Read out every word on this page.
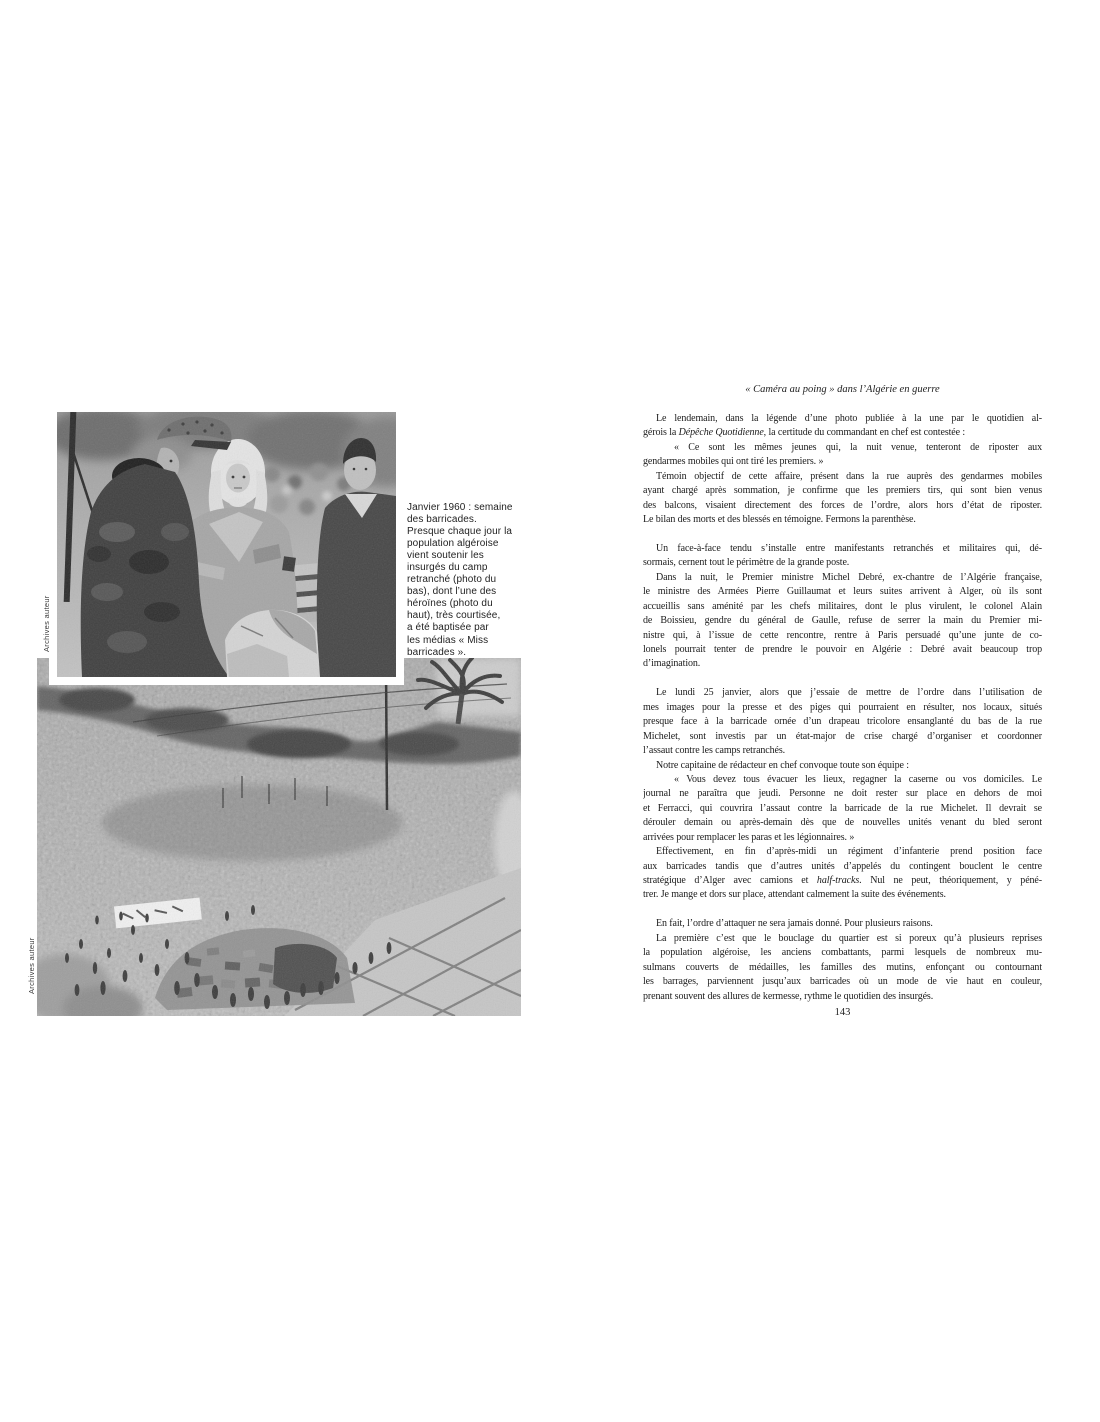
Janvier 1960 : semaine
des barricades.
Presque chaque jour la
population algéroise
vient soutenir les
insurgés du camp
retranché (photo du
bas), dont l’une des
héroïnes (photo du
haut), très courtisée,
a été baptisée par
les médias « Miss
barricades ».
Archives auteur
Archives auteur
« Caméra au poing » dans l’Algérie en guerre
Le lendemain, dans la légende d’une photo publiée à la une par le quotidien al-
gérois la Dépêche Quotidienne, la certitude du commandant en chef est contestée :
« Ce sont les mêmes jeunes qui, la nuit venue, tenteront de riposter aux
gendarmes mobiles qui ont tiré les premiers. »
Témoin objectif de cette affaire, présent dans la rue auprès des gendarmes mobiles
ayant chargé après sommation, je confirme que les premiers tirs, qui sont bien venus
des balcons, visaient directement des forces de l’ordre, alors hors d’état de riposter.
Le bilan des morts et des blessés en témoigne. Fermons la parenthèse.
Un face-à-face tendu s’installe entre manifestants retranchés et militaires qui, dé-
sormais, cernent tout le périmètre de la grande poste.
Dans la nuit, le Premier ministre Michel Debré, ex-chantre de l’Algérie française,
le ministre des Armées Pierre Guillaumat et leurs suites arrivent à Alger, où ils sont
accueillis sans aménité par les chefs militaires, dont le plus virulent, le colonel Alain
de Boissieu, gendre du général de Gaulle, refuse de serrer la main du Premier mi-
nistre qui, à l’issue de cette rencontre, rentre à Paris persuadé qu’une junte de co-
lonels pourrait tenter de prendre le pouvoir en Algérie : Debré avait beaucoup trop
d’imagination.
Le lundi 25 janvier, alors que j’essaie de mettre de l’ordre dans l’utilisation de
mes images pour la presse et des piges qui pourraient en résulter, nos locaux, situés
presque face à la barricade ornée d’un drapeau tricolore ensanglanté du bas de la rue
Michelet, sont investis par un état-major de crise chargé d’organiser et coordonner
l’assaut contre les camps retranchés.
Notre capitaine de rédacteur en chef convoque toute son équipe :
« Vous devez tous évacuer les lieux, regagner la caserne ou vos domiciles. Le
journal ne paraîtra que jeudi. Personne ne doit rester sur place en dehors de moi
et Ferracci, qui couvrira l’assaut contre la barricade de la rue Michelet. Il devrait se
dérouler demain ou après-demain dès que de nouvelles unités venant du bled seront
arrivées pour remplacer les paras et les légionnaires. »
Effectivement, en fin d’après-midi un régiment d’infanterie prend position face
aux barricades tandis que d’autres unités d’appelés du contingent bouclent le centre
stratégique d’Alger avec camions et half-tracks. Nul ne peut, théoriquement, y péné-
trer. Je mange et dors sur place, attendant calmement la suite des événements.
En fait, l’ordre d’attaquer ne sera jamais donné. Pour plusieurs raisons.
La première c’est que le bouclage du quartier est si poreux qu’à plusieurs reprises
la population algéroise, les anciens combattants, parmi lesquels de nombreux mu-
sulmans couverts de médailles, les familles des mutins, enfonçant ou contournant
les barrages, parviennent jusqu’aux barricades où un mode de vie haut en couleur,
prenant souvent des allures de kermesse, rythme le quotidien des insurgés.
143
